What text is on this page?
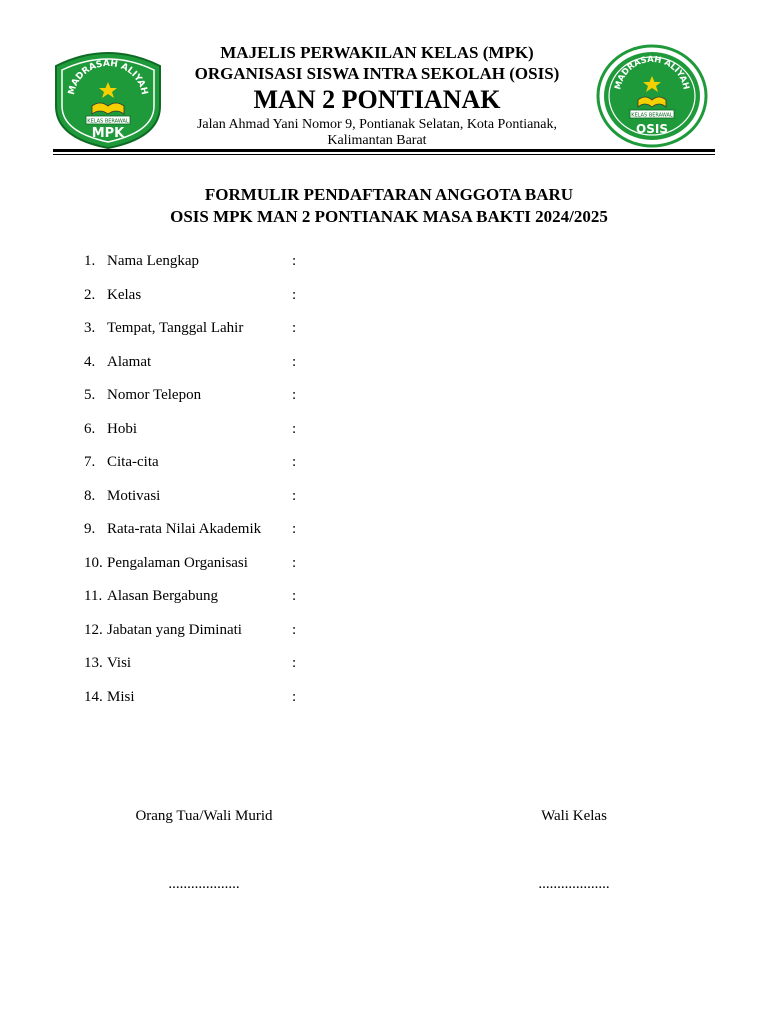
MADRASAH ALIYAH
KELAS BERAWAL
MPK
MAJELIS PERWAKILAN KELAS (MPK)
ORGANISASI SISWA INTRA SEKOLAH (OSIS)
MAN 2 PONTIANAK
Jalan Ahmad Yani Nomor 9, Pontianak Selatan, Kota Pontianak,
Kalimantan Barat
MADRASAH ALIYAH
KELAS BERAWAL
OSIS
FORMULIR PENDAFTARAN ANGGOTA BARU
OSIS MPK MAN 2 PONTIANAK MASA BAKTI 2024/2025
1. Nama Lengkap	:
2. Kelas	:
3. Tempat, Tanggal Lahir	:
4. Alamat	:
5. Nomor Telepon	:
6. Hobi	:
7. Cita-cita	:
8. Motivasi	:
9. Rata-rata Nilai Akademik :
10. Pengalaman Organisasi	:
11. Alasan Bergabung	:
12. Jabatan yang Diminati	:
13. Visi	:
14. Misi	:
Orang Tua/Wali Murid	Wali Kelas
...................	...................
